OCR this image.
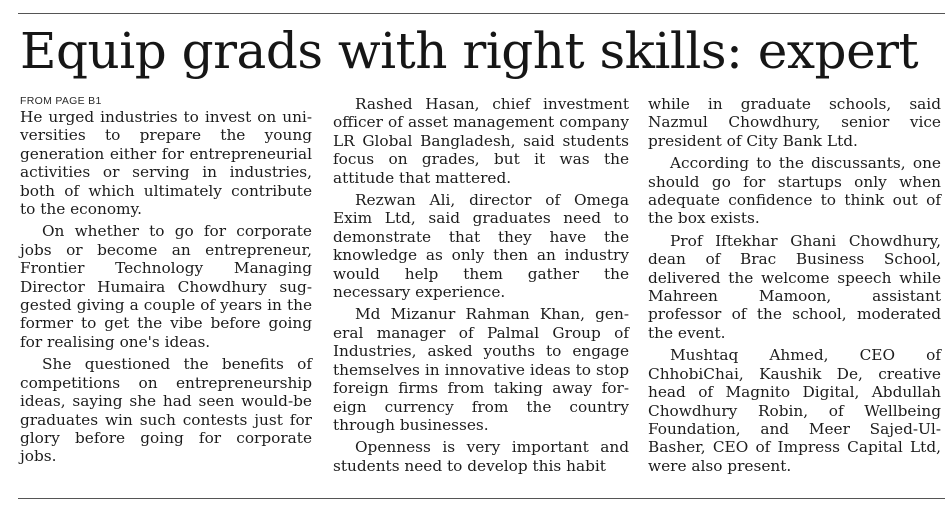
Equip grads with right skills: expert
FROM PAGE B1

He urged industries to invest on universities to prepare the young generation either for entrepreneurial activities or serving in industries, both of which ultimately contribute to the economy.

On whether to go for corporate jobs or become an entrepreneur, Frontier Technology Managing Director Humaira Chowdhury suggested giving a couple of years in the former to get the vibe before going for realising one's ideas.

She questioned the benefits of competitions on entrepreneurship ideas, saying she had seen would-be graduates win such contests just for glory before going for corporate jobs.

Rashed Hasan, chief investment officer of asset management company LR Global Bangladesh, said students focus on grades, but it was the attitude that mattered.

Rezwan Ali, director of Omega Exim Ltd, said graduates need to demonstrate that they have the knowledge as only then an industry would help them gather the necessary experience.

Md Mizanur Rahman Khan, general manager of Palmal Group of Industries, asked youths to engage themselves in innovative ideas to stop foreign firms from taking away foreign currency from the country through businesses.

Openness is very important and students need to develop this habit

while in graduate schools, said Nazmul Chowdhury, senior vice president of City Bank Ltd.

According to the discussants, one should go for startups only when adequate confidence to think out of the box exists.

Prof Iftekhar Ghani Chowdhury, dean of Brac Business School, delivered the welcome speech while Mahreen Mamoon, assistant professor of the school, moderated the event.

Mushtaq Ahmed, CEO of ChhobiChai, Kaushik De, creative head of Magnito Digital, Abdullah Chowdhury Robin, of Wellbeing Foundation, and Meer Sajed-Ul-Basher, CEO of Impress Capital Ltd, were also present.
